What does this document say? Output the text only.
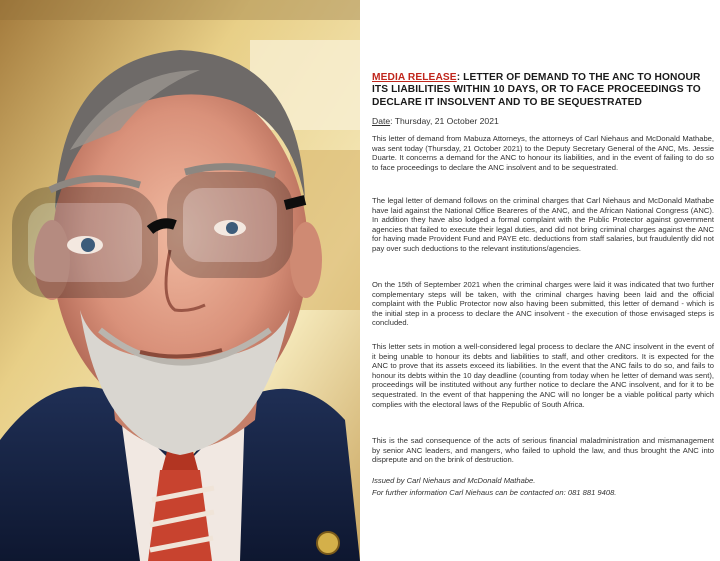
MEDIA RELEASE: LETTER OF DEMAND TO THE ANC TO HONOUR ITS LIABILITIES WITHIN 10 DAYS, OR TO FACE PROCEEDINGS TO DECLARE IT INSOLVENT AND TO BE SEQUESTRATED
Date: Thursday, 21 October 2021
This letter of demand from Mabuza Attorneys, the attorneys of Carl Niehaus and McDonald Mathabe, was sent today (Thursday, 21 October 2021) to the Deputy Secretary General of the ANC, Ms. Jessie Duarte. It concerns a demand for the ANC to honour its liabilities, and in the event of failing to do so to face proceedings to declare the ANC insolvent and to be sequestrated.
The legal letter of demand follows on the criminal charges that Carl Niehaus and McDonald Mathabe have laid against the National Office Beareres of the ANC, and the African National Congress (ANC). In addition they have also lodged a formal complaint with the Public Protector against government agencies that failed to execute their legal duties, and did not bring criminal charges against the ANC for having made Provident Fund and PAYE etc. deductions from staff salaries, but fraudulently did not pay over such deductions to the relevant institutions/agencies.
On the 15th of September 2021 when the criminal charges were laid it was indicated that two further complementary steps will be taken, with the criminal charges having been laid and the official complaint with the Public Protector now also having been submitted, this letter of demand - which is the initial step in a process to declare the ANC insolvent - the execution of those envisaged steps is concluded.
This letter sets in motion a well-considered legal process to declare the ANC insolvent in the event of it being unable to honour its debts and liabilities to staff, and other creditors. It is expected for the ANC to prove that its assets exceed its liabilities. In the event that the ANC fails to do so, and fails to honour its debts within the 10 day deadline (counting from today when he letter of demand was sent), proceedings will be instituted without any further notice to declare the ANC insolvent, and for it to be sequestrated. In the event of that happening the ANC will no longer be a viable political party which complies with the electoral laws of the Republic of South Africa.
This is the sad consequence of the acts of serious financial maladministration and mismanagement by senior ANC leaders, and mangers, who failed to uphold the law, and thus brought the ANC into disprepute and on the brink of destruction.
Issued by Carl Niehaus and McDonald Mathabe.
For further information Carl Niehaus can be contacted on: 081 881 9408.
